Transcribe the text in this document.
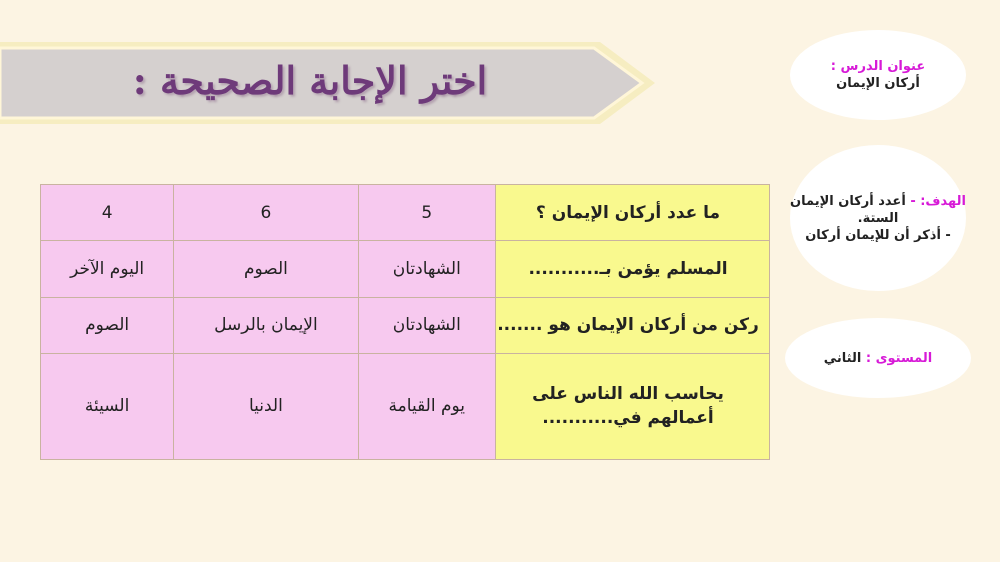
اختر الإجابة الصحيحة :	عنوان الدرس :
أركان الإيمان
الهدف: - أعدد أركان الإيمان الستة.
- أذكر أن للإيمان أركان
المستوى : الثاني
ما عدد أركان الإيمان ؟	5	6	4
المسلم يؤمن بـ...........	الشهادتان	الصوم	اليوم الآخر
ركن من أركان الإيمان هو .......	الشهادتان	الإيمان بالرسل	الصوم
يحاسب الله الناس على أعمالهم في...........	يوم القيامة	الدنيا	السيئة
